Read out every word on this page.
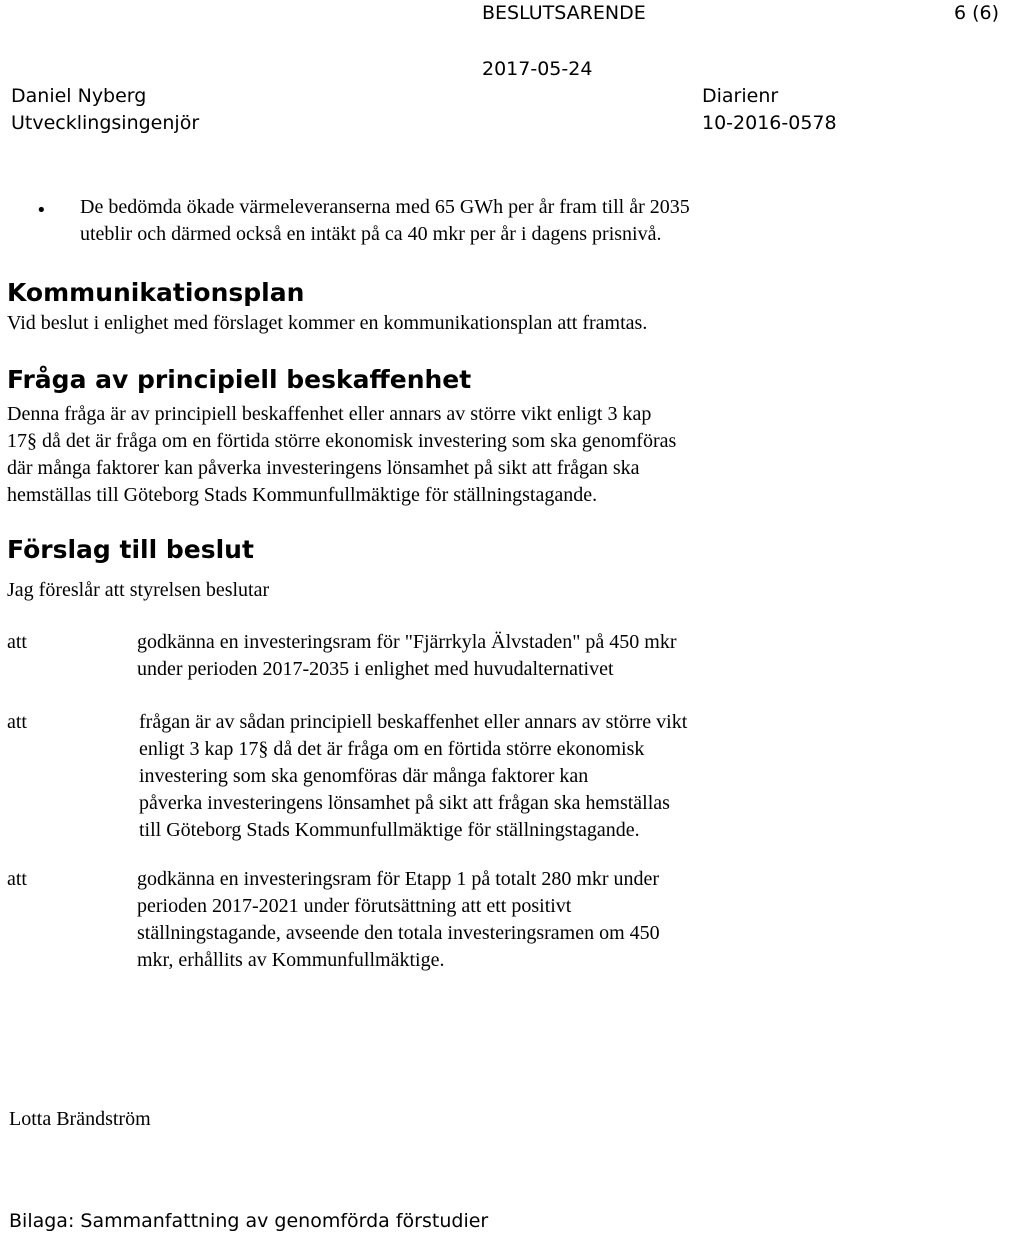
BESLUTSARENDE	6 (6)
2017-05-24
Daniel Nyberg
Utvecklingsingenjör
Diarienr
10-2016-0578
• De bedömda ökade värmeleveranserna med 65 GWh per år fram till år 2035
uteblir och därmed också en intäkt på ca 40 mkr per år i dagens prisnivå.
Kommunikationsplan
Vid beslut i enlighet med förslaget kommer en kommunikationsplan att framtas.
Fråga av principiell beskaffenhet
Denna fråga är av principiell beskaffenhet eller annars av större vikt enligt 3 kap
17§ då det är fråga om en förtida större ekonomisk investering som ska genomföras
där många faktorer kan påverka investeringens lönsamhet på sikt att frågan ska
hemställas till Göteborg Stads Kommunfullmäktige för ställningstagande.
Förslag till beslut
Jag föreslår att styrelsen beslutar
att	godkänna en investeringsram för "Fjärrkyla Älvstaden" på 450 mkr
under perioden 2017-2035 i enlighet med huvudalternativet
att	frågan är av sådan principiell beskaffenhet eller annars av större vikt
enligt 3 kap 17§ då det är fråga om en förtida större ekonomisk
investering som ska genomföras där många faktorer kan
påverka investeringens lönsamhet på sikt att frågan ska hemställas
till Göteborg Stads Kommunfullmäktige för ställningstagande.
att	godkänna en investeringsram för Etapp 1 på totalt 280 mkr under
perioden 2017-2021 under förutsättning att ett positivt
ställningstagande, avseende den totala investeringsramen om 450
mkr, erhållits av Kommunfullmäktige.
Lotta Brändström
Bilaga: Sammanfattning av genomförda förstudier
